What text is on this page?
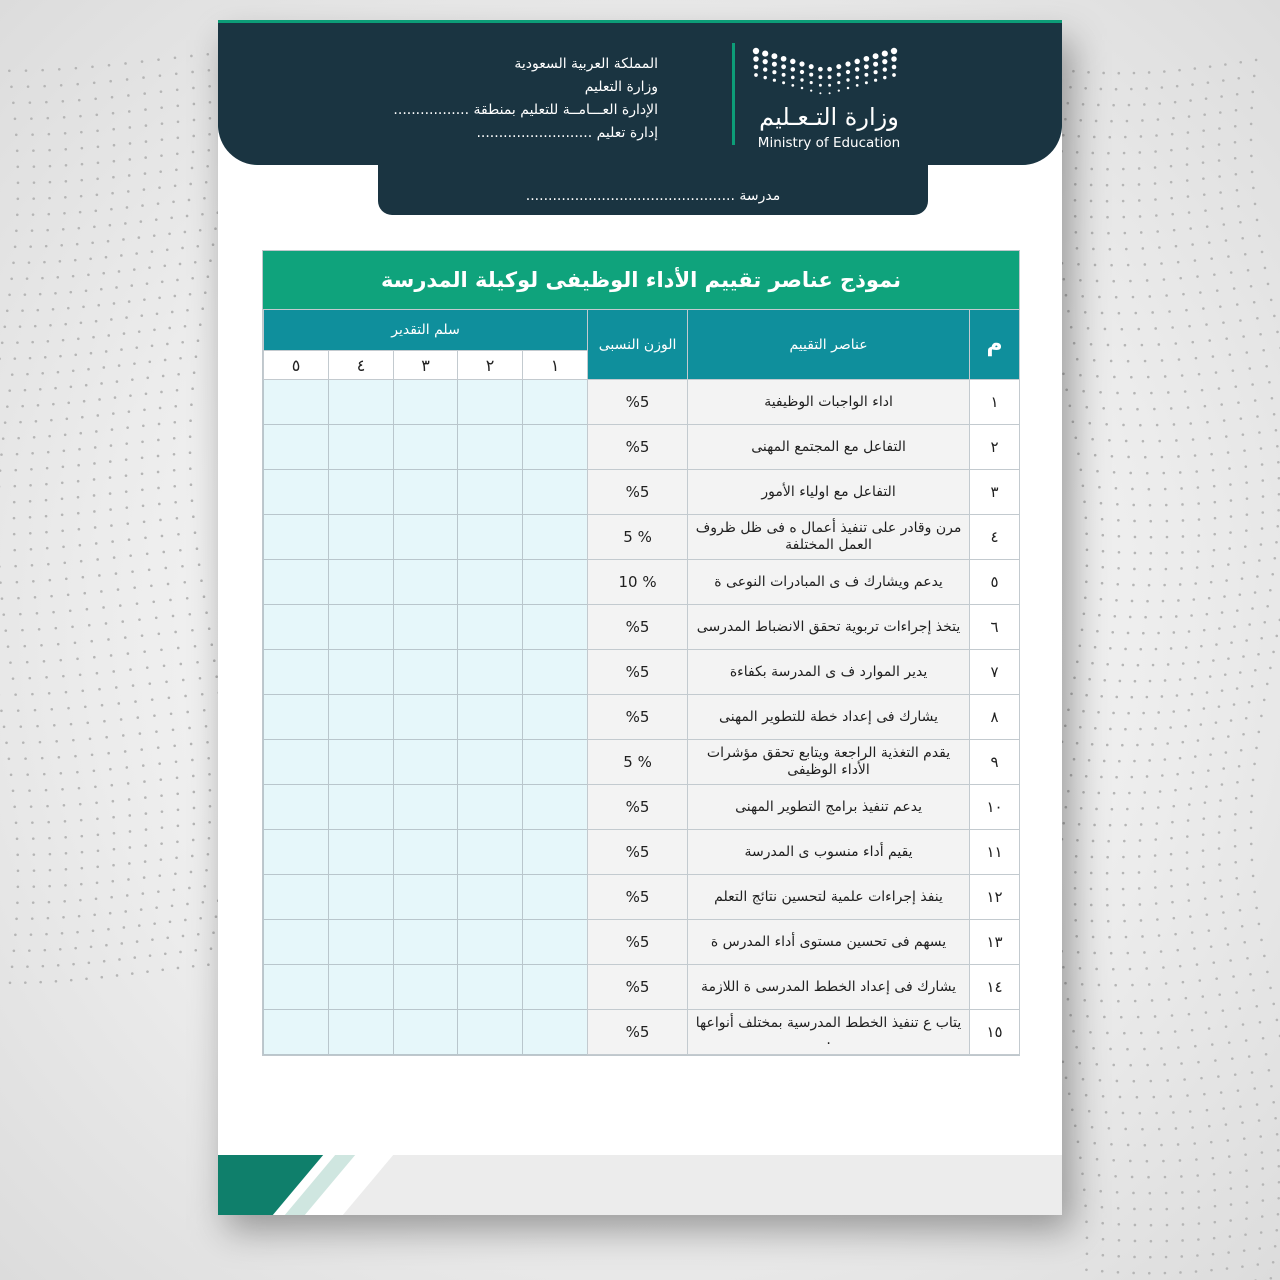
المملكة العربية السعودية
وزارة التعليم
الإدارة العـــامــة للتعليم بمنطقة .................
إدارة تعليم ..........................
وزارة التـعـليم
Ministry of Education
مدرسة ...............................................
نموذج عناصر تقييم الأداء الوظيفى لوكيلة المدرسة
م	عناصر التقييم	الوزن النسبى	سلم التقدير				
			١	٢	٣	٤	٥
١	اداء الواجبات الوظيفية	%5					
٢	التفاعل مع المجتمع المهنى	%5					
٣	التفاعل مع اولياء الأمور	%5					
٤	مرن وقادر على تنفيذ أعمال ه فى ظل ظروف العمل المختلفة	% 5					
٥	يدعم ويشارك ف ى المبادرات النوعى ة	% 10					
٦	يتخذ إجراءات تربوية تحقق الانضباط المدرسى	%5					
٧	يدير الموارد ف ى المدرسة بكفاءة	%5					
٨	يشارك فى إعداد خطة للتطوير المهنى	%5					
٩	يقدم التغذية الراجعة ويتابع تحقق مؤشرات الأداء الوظيفى	% 5					
١٠	يدعم تنفيذ برامج التطوير المهنى	%5					
١١	يقيم أداء منسوب ى المدرسة	%5					
١٢	ينفذ إجراءات علمية لتحسين نتائج التعلم	%5					
١٣	يسهم فى تحسين مستوى أداء المدرس ة	%5					
١٤	يشارك فى إعداد الخطط المدرسى ة اللازمة	%5					
١٥	يتاب ع تنفيذ الخطط المدرسية بمختلف أنواعها .	%5					
